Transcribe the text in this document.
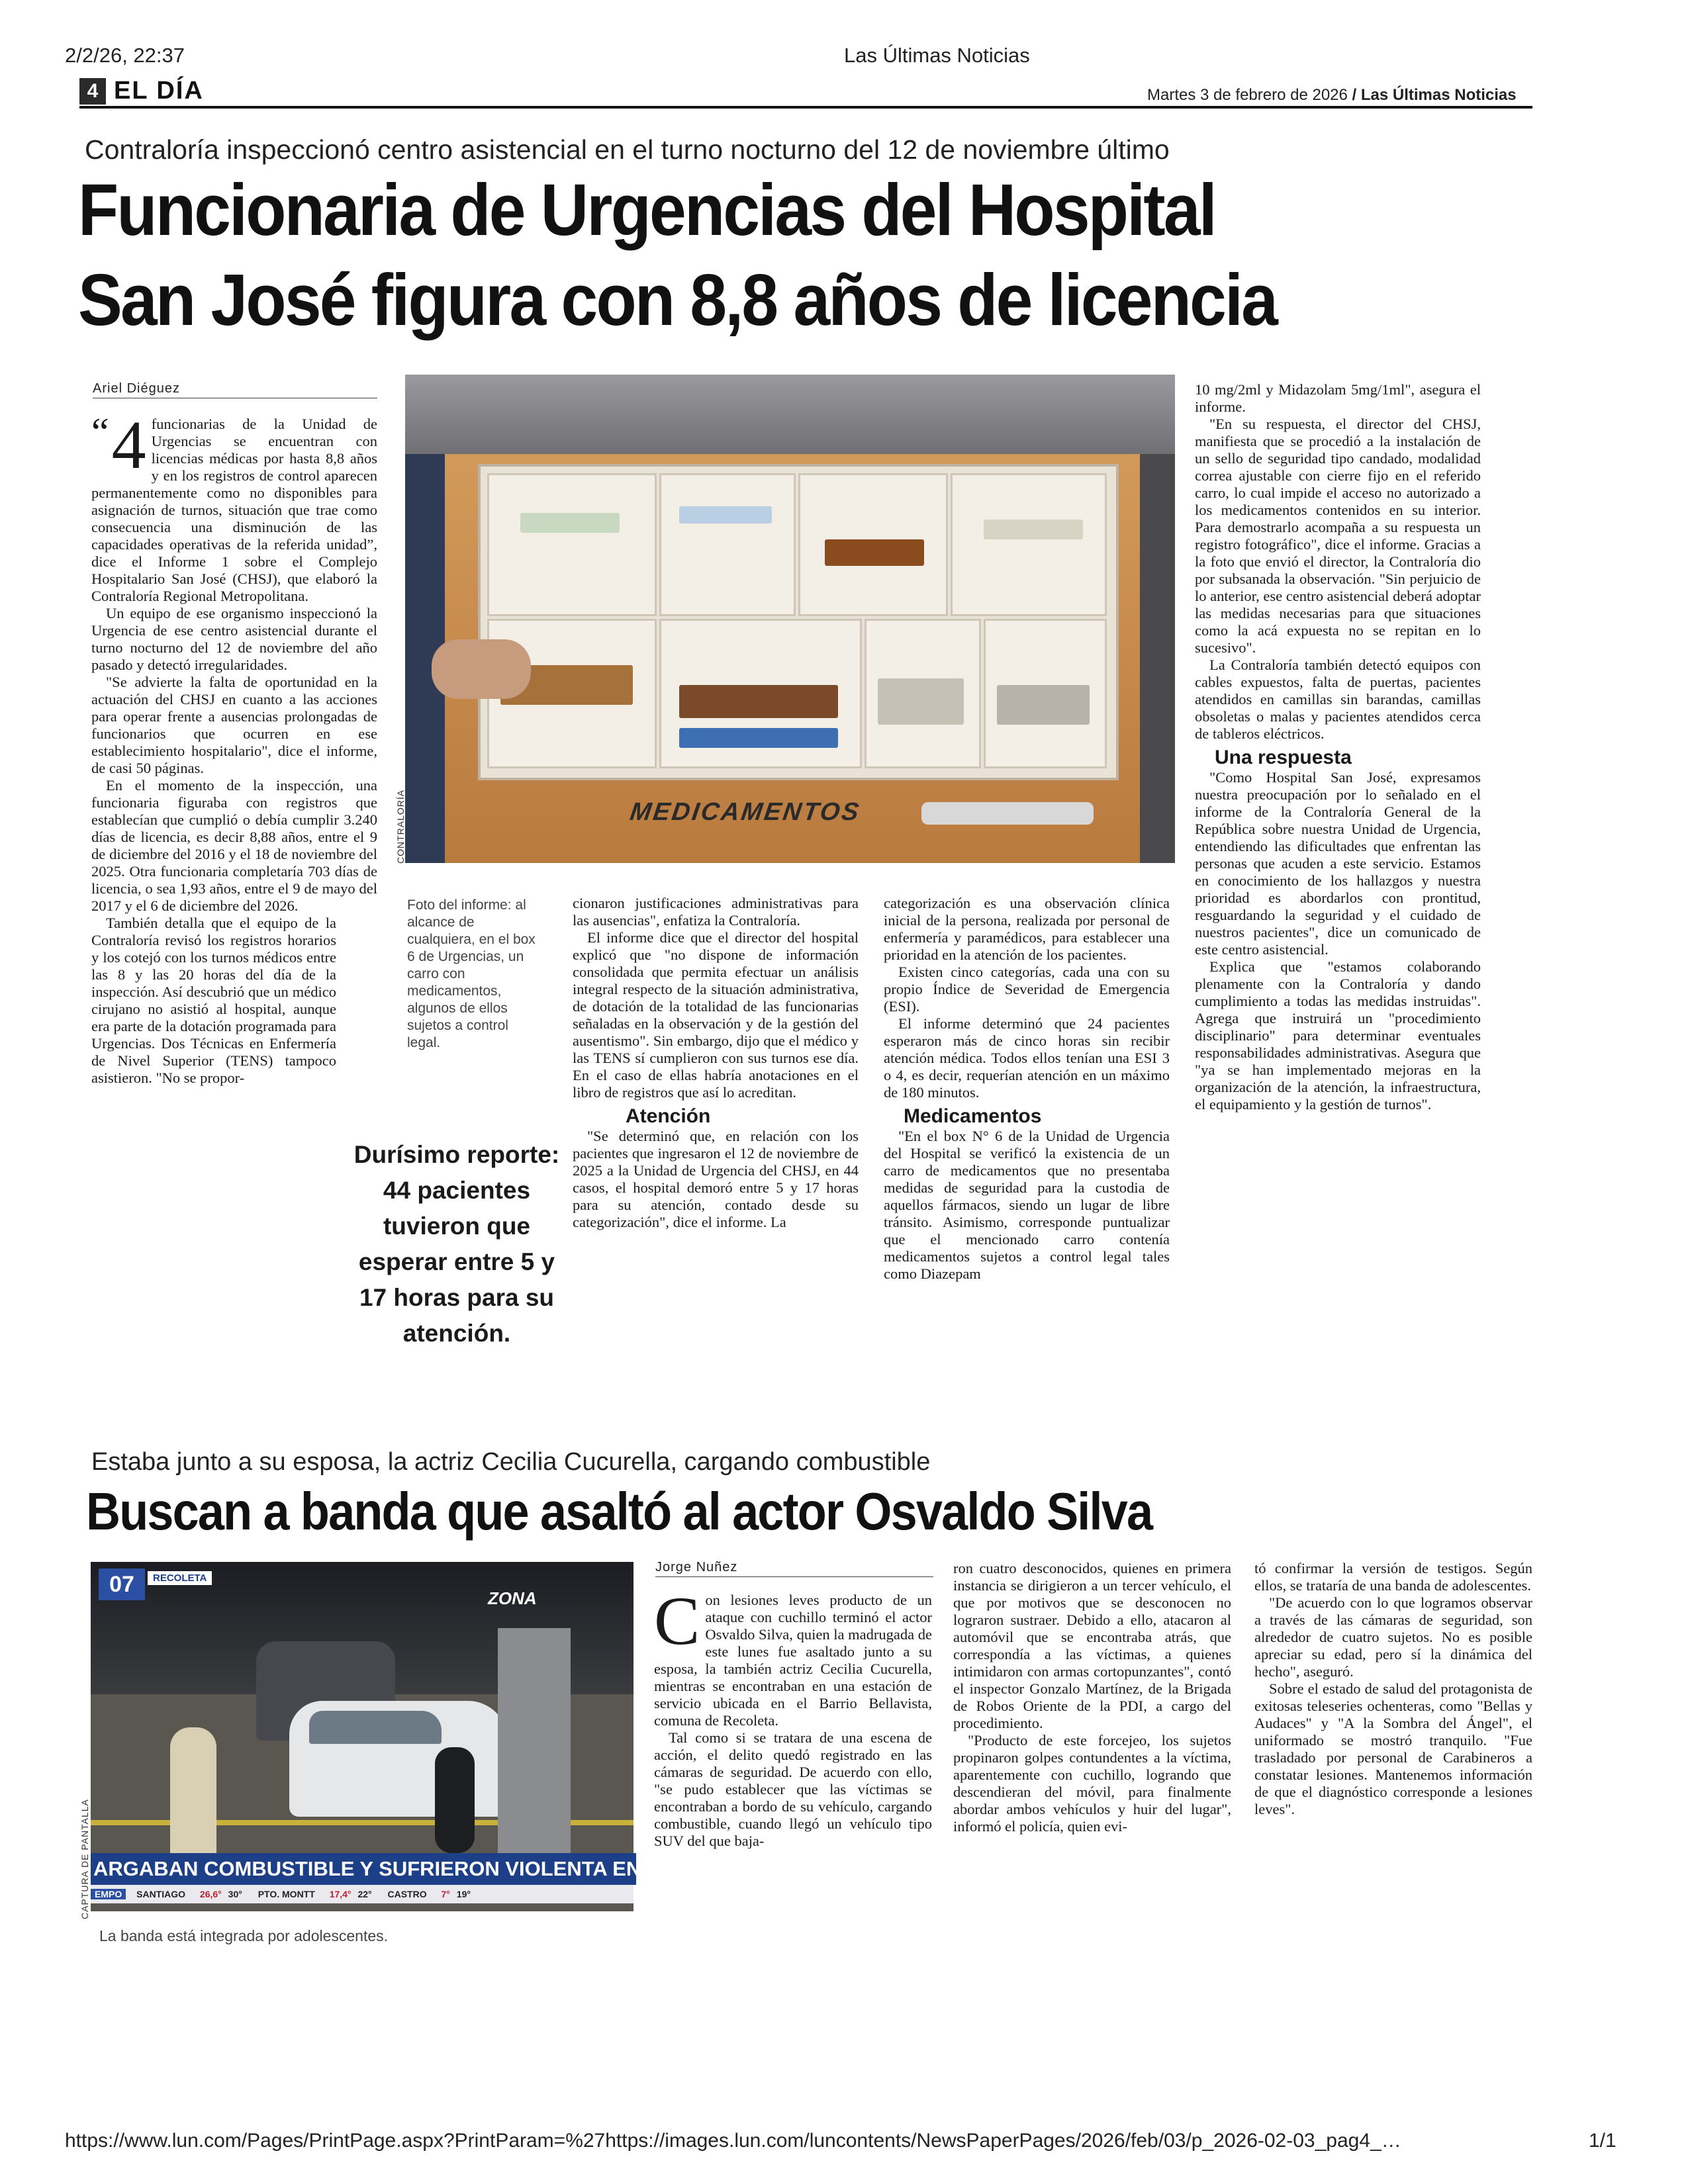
2/2/26, 22:37	Las Últimas Noticias
4 EL DÍA	Martes 3 de febrero de 2026 / Las Últimas Noticias
Contraloría inspeccionó centro asistencial en el turno nocturno del 12 de noviembre último
Funcionaria de Urgencias del Hospital
San José figura con 8,8 años de licencia
Ariel Diéguez

“ 4 funcionarias de la Unidad de Urgencias se encuentran con licencias médicas por hasta 8,8 años y en los registros de control aparecen permanentemente como no disponibles para asignación de turnos, situación que trae como consecuencia una disminución de las capacidades operativas de la referida unidad”, dice el Informe 1 sobre el Complejo Hospitalario San José (CHSJ), que elaboró la Contraloría Regional Metropolitana.

Un equipo de ese organismo inspeccionó la Urgencia de ese centro asistencial durante el turno nocturno del 12 de noviembre del año pasado y detectó irregularidades.

"Se advierte la falta de oportunidad en la actuación del CHSJ en cuanto a las acciones para operar frente a ausencias prolongadas de funcionarios que ocurren en ese establecimiento hospitalario", dice el informe, de casi 50 páginas.

En el momento de la inspección, una funcionaria figuraba con registros que establecían que cumplió o debía cumplir 3.240 días de licencia, es decir 8,88 años, entre el 9 de diciembre del 2016 y el 18 de noviembre del 2025. Otra funcionaria completaría 703 días de licencia, o sea 1,93 años, entre el 9 de mayo del 2017 y el 6 de diciembre del 2026.

También detalla que el equipo de la Contraloría revisó los registros horarios y los cotejó con los turnos médicos entre las 8 y las 20 horas del día de la inspección. Así descubrió que un médico cirujano no asistió al hospital, aunque era parte de la dotación programada para Urgencias. Dos Técnicas en Enfermería de Nivel Superior (TENS) tampoco asistieron. "No se propor-

MEDICAMENTOS
CONTRALORÍA
Foto del informe: al alcance de cualquiera, en el box 6 de Urgencias, un carro con medicamentos, algunos de ellos sujetos a control legal.
Durísimo reporte: 44 pacientes tuvieron que esperar entre 5 y 17 horas para su atención.

cionaron justificaciones administrativas para las ausencias", enfatiza la Contraloría.

El informe dice que el director del hospital explicó que "no dispone de información consolidada que permita efectuar un análisis integral respecto de la situación administrativa, de dotación de la totalidad de las funcionarias señaladas en la observación y de la gestión del ausentismo". Sin embargo, dijo que el médico y las TENS sí cumplieron con sus turnos ese día. En el caso de ellas habría anotaciones en el libro de registros que así lo acreditan.

Atención

"Se determinó que, en relación con los pacientes que ingresaron el 12 de noviembre de 2025 a la Unidad de Urgencia del CHSJ, en 44 casos, el hospital demoró entre 5 y 17 horas para su atención, contado desde su categorización", dice el informe. La

categorización es una observación clínica inicial de la persona, realizada por personal de enfermería y paramédicos, para establecer una prioridad en la atención de los pacientes.

Existen cinco categorías, cada una con su propio Índice de Severidad de Emergencia (ESI).

El informe determinó que 24 pacientes esperaron más de cinco horas sin recibir atención médica. Todos ellos tenían una ESI 3 o 4, es decir, requerían atención en un máximo de 180 minutos.

Medicamentos

"En el box N° 6 de la Unidad de Urgencia del Hospital se verificó la existencia de un carro de medicamentos que no presentaba medidas de seguridad para la custodia de aquellos fármacos, siendo un lugar de libre tránsito. Asimismo, corresponde puntualizar que el mencionado carro contenía medicamentos sujetos a control legal tales como Diazepam

10 mg/2ml y Midazolam 5mg/1ml", asegura el informe.

"En su respuesta, el director del CHSJ, manifiesta que se procedió a la instalación de un sello de seguridad tipo candado, modalidad correa ajustable con cierre fijo en el referido carro, lo cual impide el acceso no autorizado a los medicamentos contenidos en su interior. Para demostrarlo acompaña a su respuesta un registro fotográfico", dice el informe. Gracias a la foto que envió el director, la Contraloría dio por subsanada la observación. "Sin perjuicio de lo anterior, ese centro asistencial deberá adoptar las medidas necesarias para que situaciones como la acá expuesta no se repitan en lo sucesivo".

La Contraloría también detectó equipos con cables expuestos, falta de puertas, pacientes atendidos en camillas sin barandas, camillas obsoletas o malas y pacientes atendidos cerca de tableros eléctricos.

Una respuesta

"Como Hospital San José, expresamos nuestra preocupación por lo señalado en el informe de la Contraloría General de la República sobre nuestra Unidad de Urgencia, entendiendo las dificultades que enfrentan las personas que acuden a este servicio. Estamos en conocimiento de los hallazgos y nuestra prioridad es abordarlos con prontitud, resguardando la seguridad y el cuidado de nuestros pacientes", dice un comunicado de este centro asistencial.

Explica que "estamos colaborando plenamente con la Contraloría y dando cumplimiento a todas las medidas instruidas". Agrega que instruirá un "procedimiento disciplinario" para determinar eventuales responsabilidades administrativas. Asegura que "ya se han implementado mejoras en la organización de la atención, la infraestructura, el equipamiento y la gestión de turnos".

Estaba junto a su esposa, la actriz Cecilia Cucurella, cargando combustible
Buscan a banda que asaltó al actor Osvaldo Silva
07	RECOLETA
ZONA
ARGABAN COMBUSTIBLE Y SUFRIERON VIOLENTA ENCERRONA
EMPO SANTIAGO 26,6° 30° PTO. MONTT 17,4° 22° CASTRO 7° 19°
CAPTURA DE PANTALLA
La banda está integrada por adolescentes.
Jorge Nuñez

C on lesiones leves producto de un ataque con cuchillo terminó el actor Osvaldo Silva, quien la madrugada de este lunes fue asaltado junto a su esposa, la también actriz Cecilia Cucurella, mientras se encontraban en una estación de servicio ubicada en el Barrio Bellavista, comuna de Recoleta.

Tal como si se tratara de una escena de acción, el delito quedó registrado en las cámaras de seguridad. De acuerdo con ello, "se pudo establecer que las víctimas se encontraban a bordo de su vehículo, cargando combustible, cuando llegó un vehículo tipo SUV del que baja-

ron cuatro desconocidos, quienes en primera instancia se dirigieron a un tercer vehículo, el que por motivos que se desconocen no lograron sustraer. Debido a ello, atacaron al automóvil que se encontraba atrás, que correspondía a las víctimas, a quienes intimidaron con armas cortopunzantes", contó el inspector Gonzalo Martínez, de la Brigada de Robos Oriente de la PDI, a cargo del procedimiento.

"Producto de este forcejeo, los sujetos propinaron golpes contundentes a la víctima, aparentemente con cuchillo, logrando que descendieran del móvil, para finalmente abordar ambos vehículos y huir del lugar", informó el policía, quien evi-

tó confirmar la versión de testigos. Según ellos, se trataría de una banda de adolescentes.

"De acuerdo con lo que logramos observar a través de las cámaras de seguridad, son alrededor de cuatro sujetos. No es posible apreciar su edad, pero sí la dinámica del hecho", aseguró.

Sobre el estado de salud del protagonista de exitosas teleseries ochenteras, como "Bellas y Audaces" y "A la Sombra del Ángel", el uniformado se mostró tranquilo. "Fue trasladado por personal de Carabineros a constatar lesiones. Mantenemos información de que el diagnóstico corresponde a lesiones leves".

https://www.lun.com/Pages/PrintPage.aspx?PrintParam=%27https://images.lun.com/luncontents/NewsPaperPages/2026/feb/03/p_2026-02-03_pag4_…	1/1
